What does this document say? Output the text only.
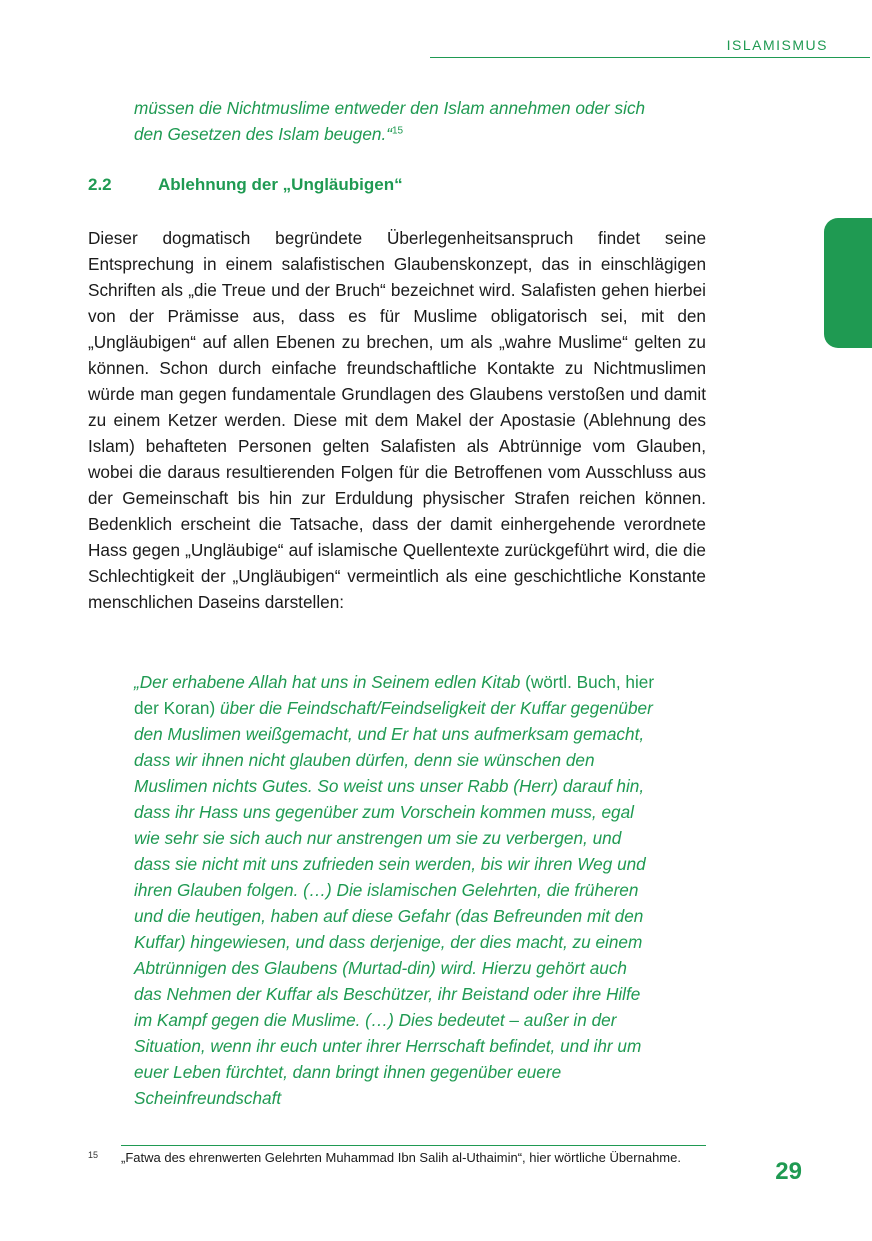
ISLAMISMUS
müssen die Nichtmuslime entweder den Islam annehmen oder sich den Gesetzen des Islam beugen.“$^{15}$
2.2	Ablehnung der „Ungläubigen“
Dieser dogmatisch begründete Überlegenheitsanspruch findet seine Entsprechung in einem salafistischen Glaubenskonzept, das in einschlägigen Schriften als „die Treue und der Bruch“ bezeichnet wird. Salafisten gehen hierbei von der Prämisse aus, dass es für Muslime obligatorisch sei, mit den „Ungläubigen“ auf allen Ebenen zu brechen, um als „wahre Muslime“ gelten zu können. Schon durch einfache freundschaftliche Kontakte zu Nichtmuslimen würde man gegen fundamentale Grundlagen des Glaubens verstoßen und damit zu einem Ketzer werden. Diese mit dem Makel der Apostasie (Ablehnung des Islam) behafteten Personen gelten Salafisten als Abtrünnige vom Glauben, wobei die daraus resultierenden Folgen für die Betroffenen vom Ausschluss aus der Gemeinschaft bis hin zur Erduldung physischer Strafen reichen können. Bedenklich erscheint die Tatsache, dass der damit einhergehende verordnete Hass gegen „Ungläubige“ auf islamische Quellentexte zurückgeführt wird, die die Schlechtigkeit der „Ungläubigen“ vermeintlich als eine geschichtliche Konstante menschlichen Daseins darstellen:
„Der erhabene Allah hat uns in Seinem edlen Kitab (wörtl. Buch, hier der Koran) über die Feindschaft/Feindseligkeit der Kuffar gegenüber den Muslimen weißgemacht, und Er hat uns aufmerksam gemacht, dass wir ihnen nicht glauben dürfen, denn sie wünschen den Muslimen nichts Gutes. So weist uns unser Rabb (Herr) darauf hin, dass ihr Hass uns gegenüber zum Vorschein kommen muss, egal wie sehr sie sich auch nur anstrengen um sie zu verbergen, und dass sie nicht mit uns zufrieden sein werden, bis wir ihren Weg und ihren Glauben folgen. (…) Die islamischen Gelehrten, die früheren und die heutigen, haben auf diese Gefahr (das Befreunden mit den Kuffar) hingewiesen, und dass derjenige, der dies macht, zu einem Abtrünnigen des Glaubens (Murtad-din) wird. Hierzu gehört auch das Nehmen der Kuffar als Beschützer, ihr Beistand oder ihre Hilfe im Kampf gegen die Muslime. (…) Dies bedeutet – außer in der Situation, wenn ihr euch unter ihrer Herrschaft befindet, und ihr um euer Leben fürchtet, dann bringt ihnen gegenüber euere Scheinfreundschaft
15 „Fatwa des ehrenwerten Gelehrten Muhammad Ibn Salih al-Uthaimin“, hier wörtliche Übernahme.
29
